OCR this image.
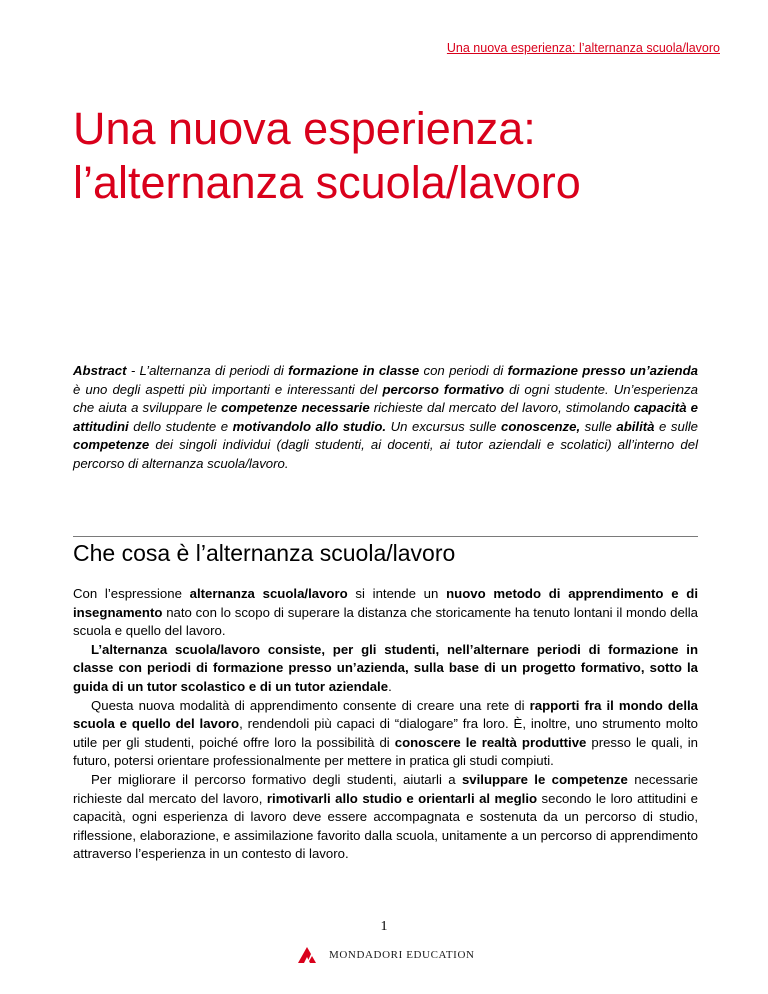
Una nuova esperienza: l’alternanza scuola/lavoro
Una nuova esperienza:
l’alternanza scuola/lavoro

Abstract - L’alternanza di periodi di formazione in classe con periodi di formazione presso un’azienda è uno degli aspetti più importanti e interessanti del percorso formativo di ogni studente. Un’esperienza che aiuta a sviluppare le competenze necessarie richieste dal mercato del lavoro, stimolando capacità e attitudini dello studente e motivandolo allo studio. Un excursus sulle conoscenze, sulle abilità e sulle competenze dei singoli individui (dagli studenti, ai docenti, ai tutor aziendali e scolatici) all’interno del percorso di alternanza scuola/lavoro.

Che cosa è l’alternanza scuola/lavoro

Con l’espressione alternanza scuola/lavoro si intende un nuovo metodo di apprendimento e di insegnamento nato con lo scopo di superare la distanza che storicamente ha tenuto lontani il mondo della scuola e quello del lavoro.

L’alternanza scuola/lavoro consiste, per gli studenti, nell’alternare periodi di formazione in classe con periodi di formazione presso un’azienda, sulla base di un progetto formativo, sotto la guida di un tutor scolastico e di un tutor aziendale.

Questa nuova modalità di apprendimento consente di creare una rete di rapporti fra il mondo della scuola e quello del lavoro, rendendoli più capaci di “dialogare” fra loro. È, inoltre, uno strumento molto utile per gli studenti, poiché offre loro la possibilità di conoscere le realtà produttive presso le quali, in futuro, potersi orientare professionalmente per mettere in pratica gli studi compiuti.

Per migliorare il percorso formativo degli studenti, aiutarli a sviluppare le competenze necessarie richieste dal mercato del lavoro, rimotivarli allo studio e orientarli al meglio secondo le loro attitudini e capacità, ogni esperienza di lavoro deve essere accompagnata e sostenuta da un percorso di studio, riflessione, elaborazione, e assimilazione favorito dalla scuola, unitamente a un percorso di apprendimento attraverso l’esperienza in un contesto di lavoro.

1
MONDADORI EDUCATION
